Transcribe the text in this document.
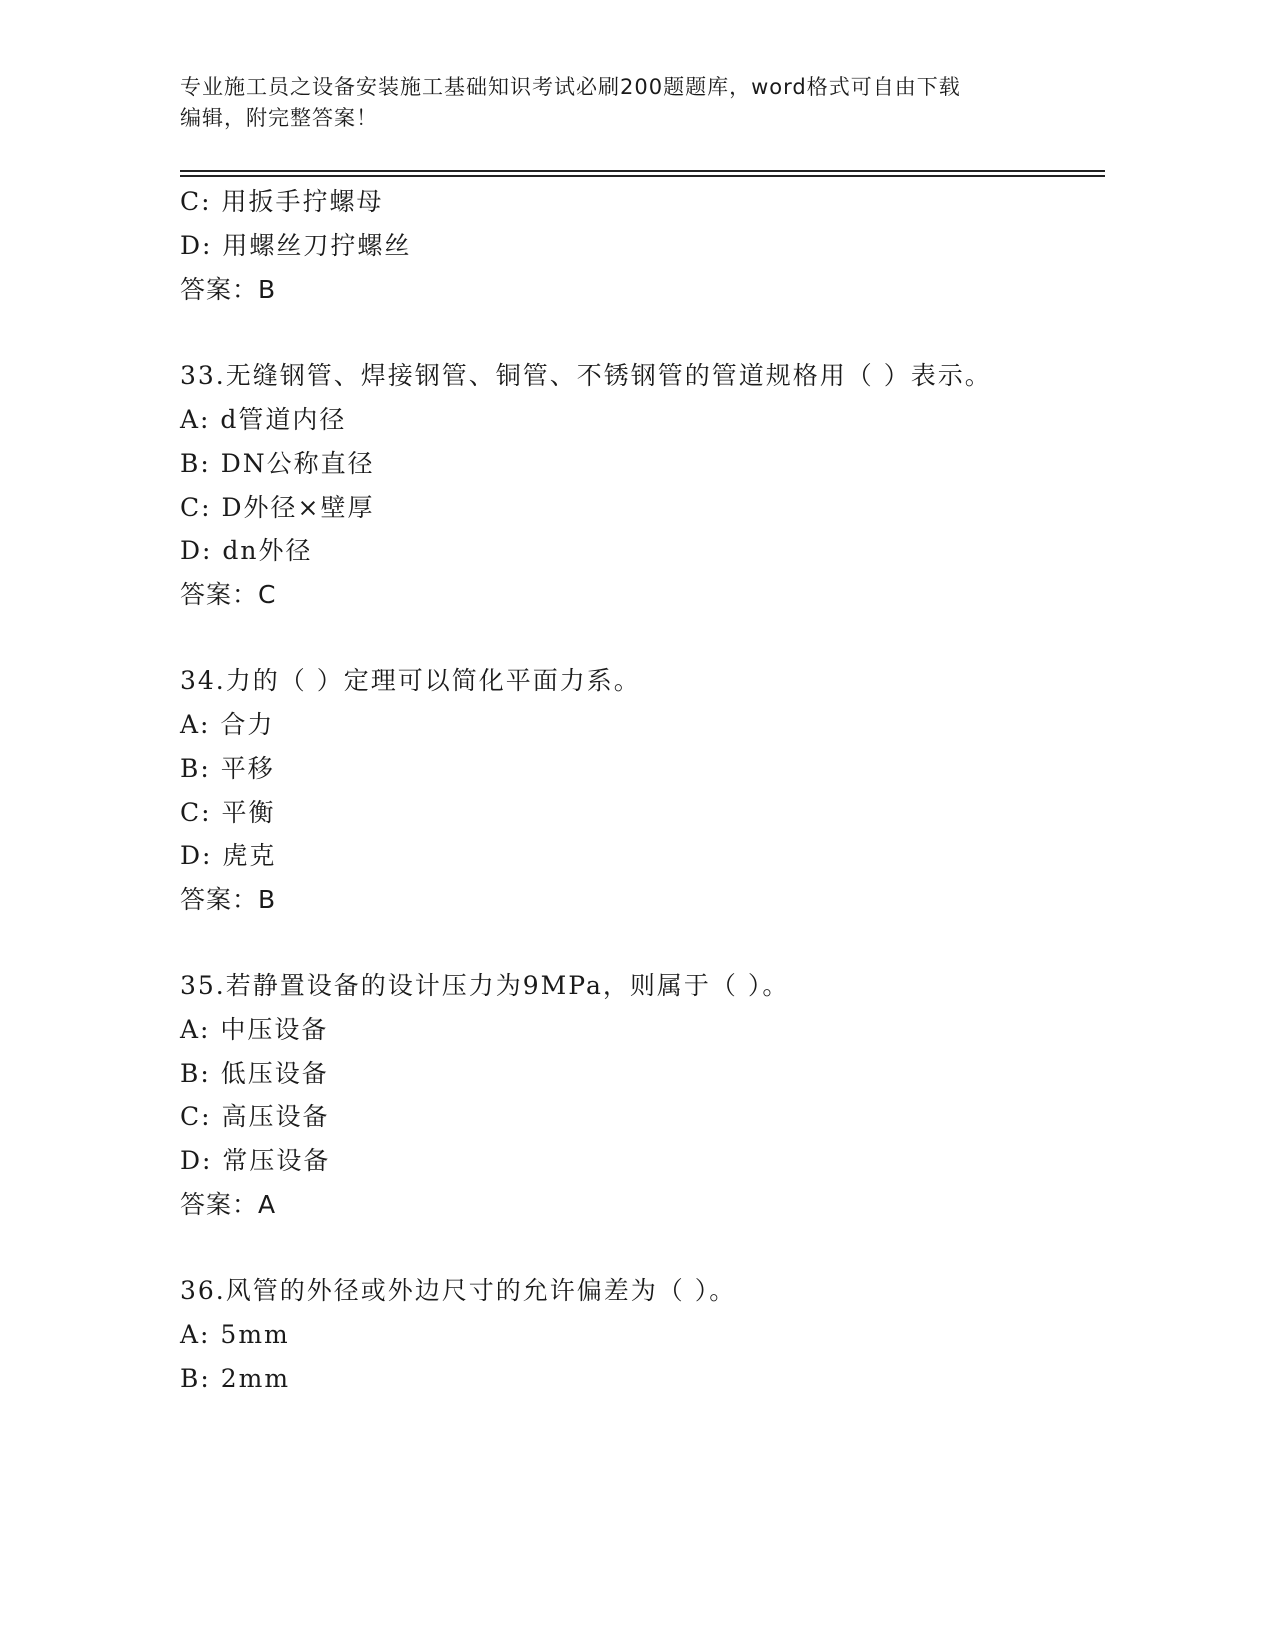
专业施工员之设备安装施工基础知识考试必刷200题题库，word格式可自由下载
编辑，附完整答案！
C: 用扳手拧螺母
D: 用螺丝刀拧螺丝
答案：B
33.无缝钢管、焊接钢管、铜管、不锈钢管的管道规格用（ ）表示。
A: d管道内径
B: DN公称直径
C: D外径×壁厚
D: dn外径
答案：C
34.力的（ ）定理可以简化平面力系。
A: 合力
B: 平移
C: 平衡
D: 虎克
答案：B
35.若静置设备的设计压力为9MPa，则属于（ ）。
A: 中压设备
B: 低压设备
C: 高压设备
D: 常压设备
答案：A
36.风管的外径或外边尺寸的允许偏差为（ ）。
A: 5mm
B: 2mm
